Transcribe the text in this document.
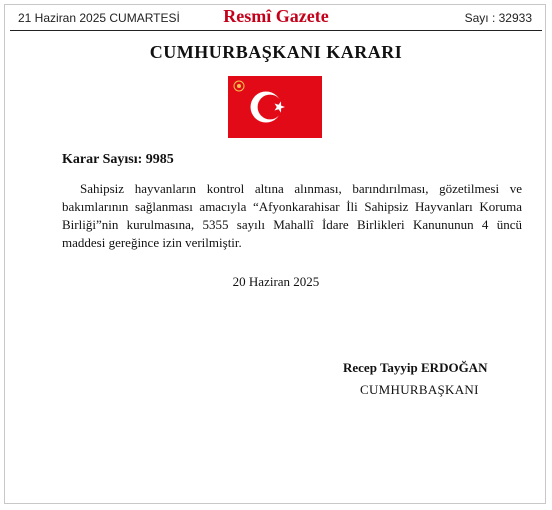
21 Haziran 2025 CUMARTESİ	Resmî Gazete	Sayı : 32933
CUMHURBAŞKANI KARARI
Karar Sayısı: 9985
Sahipsiz hayvanların kontrol altına alınması, barındırılması, gözetilmesi ve bakımlarının sağlanması amacıyla “Afyonkarahisar İli Sahipsiz Hayvanları Koruma Birliği”nin kurulmasına, 5355 sayılı Mahallî İdare Birlikleri Kanununun 4 üncü maddesi gereğince izin verilmiştir.
20 Haziran 2025
Recep Tayyip ERDOĞAN
CUMHURBAŞKANI
